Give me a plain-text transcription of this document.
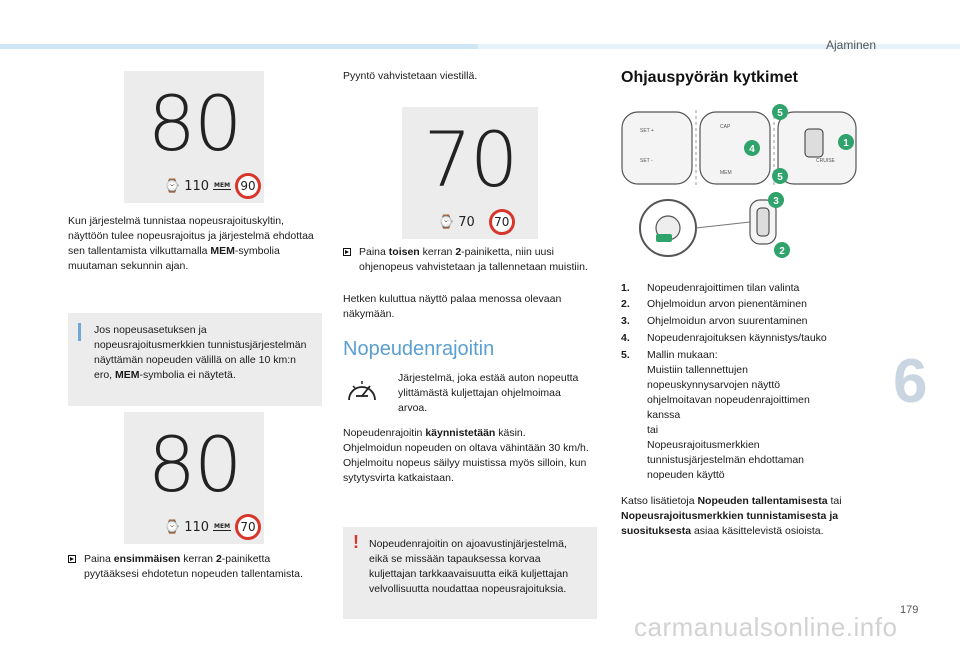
Ajaminen
6
179
carmanualsonline.info
80
⌚ 110 MEM 90
Kun järjestelmä tunnistaa nopeusrajoituskyltin, näyttöön tulee nopeusrajoitus ja järjestelmä ehdottaa sen tallentamista vilkuttamalla MEM-symbolia muutaman sekunnin ajan.
Jos nopeusasetuksen ja nopeusrajoitusmerkkien tunnistusjärjestelmän näyttämän nopeuden välillä on alle 10 km:n ero, MEM-symbolia ei näytetä.
80
⌚ 110 MEM 70
Paina ensimmäisen kerran 2-painiketta pyytääksesi ehdotetun nopeuden tallentamista.
Pyyntö vahvistetaan viestillä.
70
⌚ 70	70
Paina toisen kerran 2-painiketta, niin uusi ohjenopeus vahvistetaan ja tallennetaan muistiin.
Hetken kuluttua näyttö palaa menossa olevaan näkymään.
Nopeudenrajoitin
Järjestelmä, joka estää auton nopeutta ylittämästä kuljettajan ohjelmoimaa arvoa.
Nopeudenrajoitin käynnistetään käsin.
Ohjelmoidun nopeuden on oltava vähintään 30 km/h.
Ohjelmoitu nopeus säilyy muistissa myös silloin, kun sytytysvirta katkaistaan.
! Nopeudenrajoitin on ajoavustinjärjestelmä, eikä se missään tapauksessa korvaa kuljettajan tarkkaavaisuutta eikä kuljettajan velvollisuutta noudattaa nopeusrajoituksia.
Ohjauspyörän kytkimet
SET +
SET -
CAP
MEM
CRUISE
1
2
3
4
5
5
1. Nopeudenrajoittimen tilan valinta
2. Ohjelmoidun arvon pienentäminen
3. Ohjelmoidun arvon suurentaminen
4. Nopeudenrajoituksen käynnistys/tauko
5. Mallin mukaan:
Muistiin tallennettujen
nopeuskynnysarvojen näyttö
ohjelmoitavan nopeudenrajoittimen
kanssa
tai
Nopeusrajoitusmerkkien
tunnistusjärjestelmän ehdottaman
nopeuden käyttö
Katso lisätietoja Nopeuden tallentamisesta tai Nopeusrajoitusmerkkien tunnistamisesta ja suosituksesta asiaa käsittelevistä osioista.
